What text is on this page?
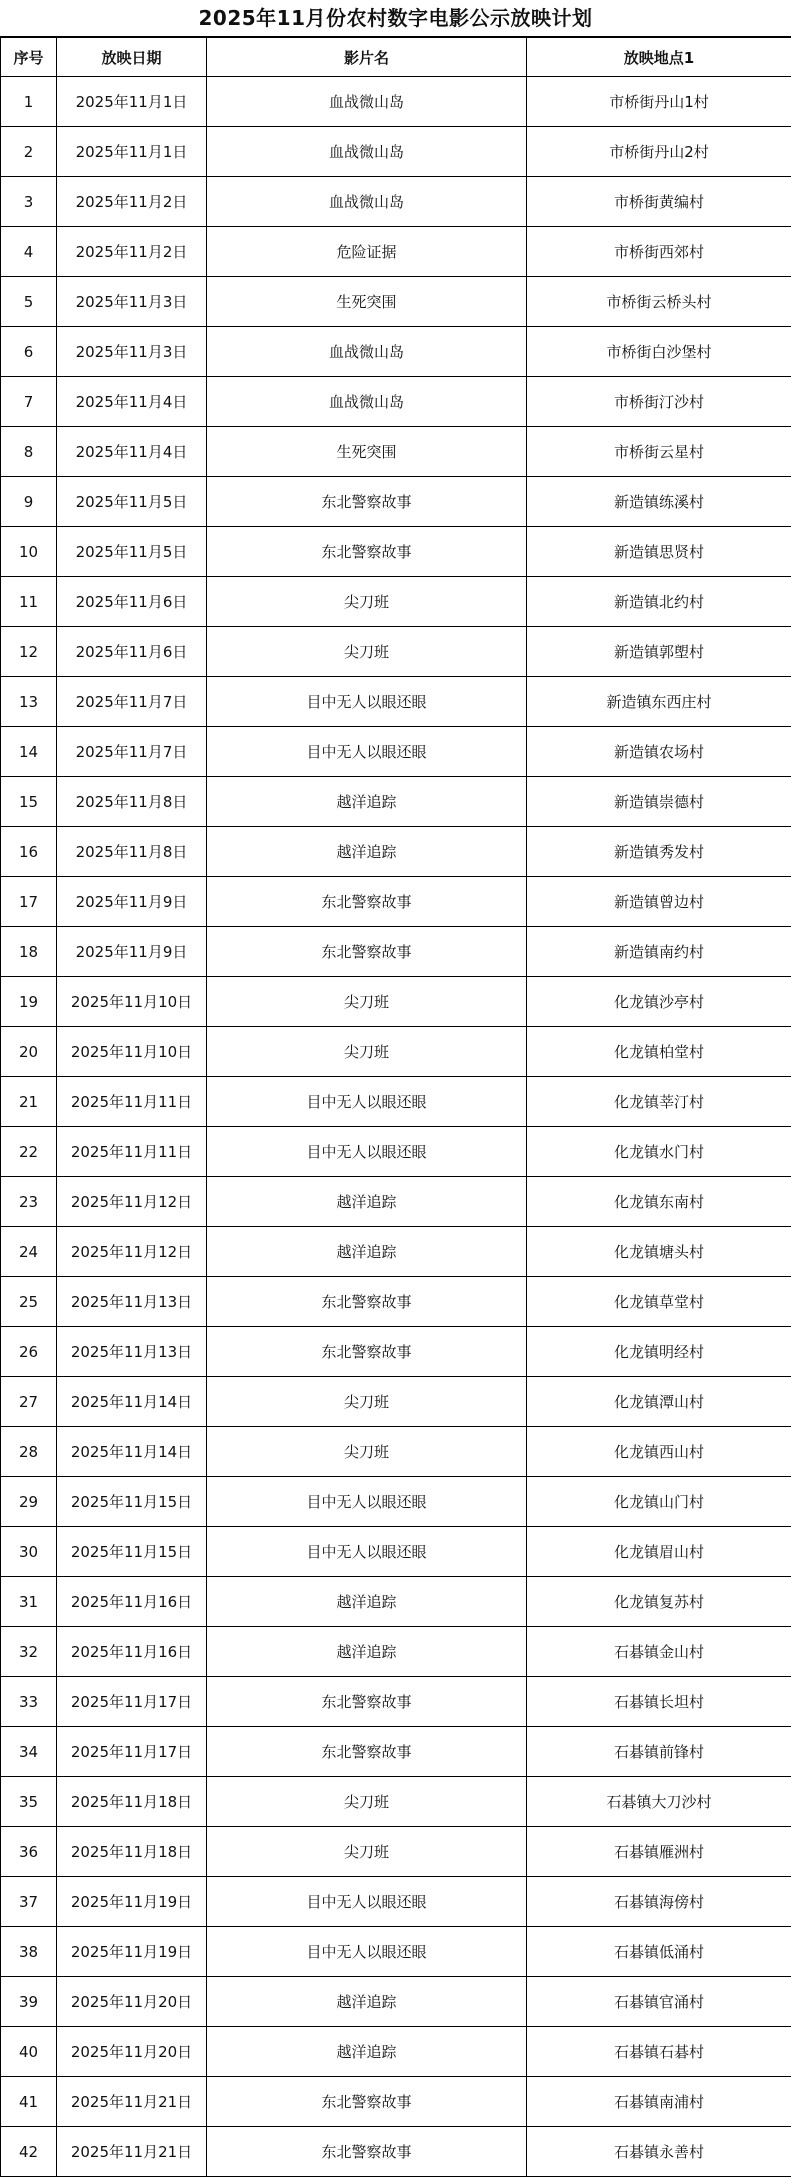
2025年11月份农村数字电影公示放映计划
序号	放映日期	影片名	放映地点1
1	2025年11月1日	血战微山岛	市桥街丹山1村
2	2025年11月1日	血战微山岛	市桥街丹山2村
3	2025年11月2日	血战微山岛	市桥街黄编村
4	2025年11月2日	危险证据	市桥街西郊村
5	2025年11月3日	生死突围	市桥街云桥头村
6	2025年11月3日	血战微山岛	市桥街白沙堡村
7	2025年11月4日	血战微山岛	市桥街汀沙村
8	2025年11月4日	生死突围	市桥街云星村
9	2025年11月5日	东北警察故事	新造镇练溪村
10	2025年11月5日	东北警察故事	新造镇思贤村
11	2025年11月6日	尖刀班	新造镇北约村
12	2025年11月6日	尖刀班	新造镇郭塱村
13	2025年11月7日	目中无人以眼还眼	新造镇东西庄村
14	2025年11月7日	目中无人以眼还眼	新造镇农场村
15	2025年11月8日	越洋追踪	新造镇崇德村
16	2025年11月8日	越洋追踪	新造镇秀发村
17	2025年11月9日	东北警察故事	新造镇曾边村
18	2025年11月9日	东北警察故事	新造镇南约村
19	2025年11月10日	尖刀班	化龙镇沙亭村
20	2025年11月10日	尖刀班	化龙镇柏堂村
21	2025年11月11日	目中无人以眼还眼	化龙镇莘汀村
22	2025年11月11日	目中无人以眼还眼	化龙镇水门村
23	2025年11月12日	越洋追踪	化龙镇东南村
24	2025年11月12日	越洋追踪	化龙镇塘头村
25	2025年11月13日	东北警察故事	化龙镇草堂村
26	2025年11月13日	东北警察故事	化龙镇明经村
27	2025年11月14日	尖刀班	化龙镇潭山村
28	2025年11月14日	尖刀班	化龙镇西山村
29	2025年11月15日	目中无人以眼还眼	化龙镇山门村
30	2025年11月15日	目中无人以眼还眼	化龙镇眉山村
31	2025年11月16日	越洋追踪	化龙镇复苏村
32	2025年11月16日	越洋追踪	石碁镇金山村
33	2025年11月17日	东北警察故事	石碁镇长坦村
34	2025年11月17日	东北警察故事	石碁镇前锋村
35	2025年11月18日	尖刀班	石碁镇大刀沙村
36	2025年11月18日	尖刀班	石碁镇雁洲村
37	2025年11月19日	目中无人以眼还眼	石碁镇海傍村
38	2025年11月19日	目中无人以眼还眼	石碁镇低涌村
39	2025年11月20日	越洋追踪	石碁镇官涌村
40	2025年11月20日	越洋追踪	石碁镇石碁村
41	2025年11月21日	东北警察故事	石碁镇南浦村
42	2025年11月21日	东北警察故事	石碁镇永善村
